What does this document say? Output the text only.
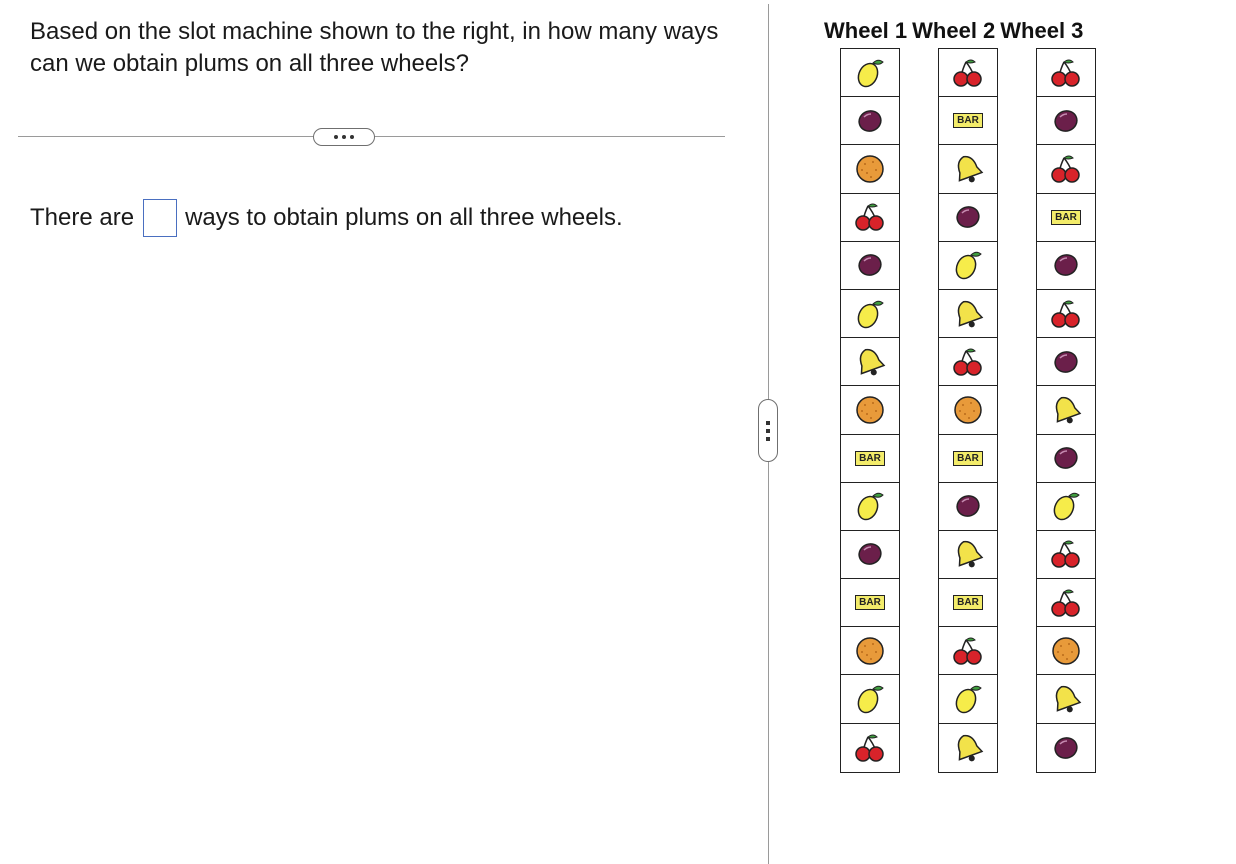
Based on the slot machine shown to the right, in how many ways can we obtain plums on all three wheels?
There are ways to obtain plums on all three wheels.
Wheel 1 Wheel 2 Wheel 3
BAR
BAR
BAR
BAR
BAR
BAR
